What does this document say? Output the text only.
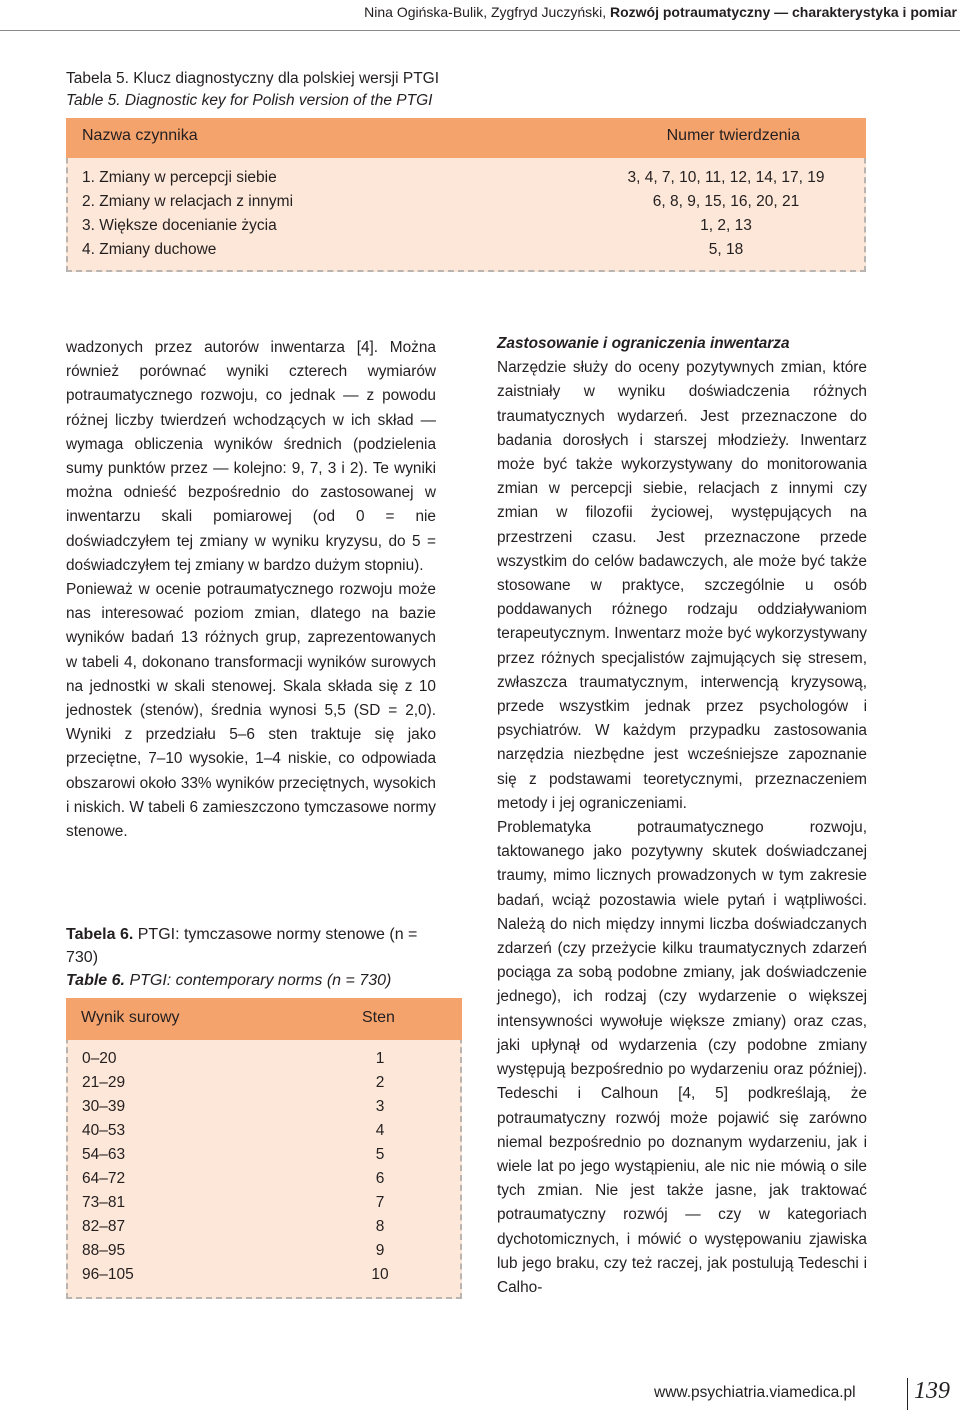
Nina Ogińska-Bulik, Zygfryd Juczyński, Rozwój potraumatyczny — charakterystyka i pomiar
Tabela 5. Klucz diagnostyczny dla polskiej wersji PTGI
Table 5. Diagnostic key for Polish version of the PTGI
Nazwa czynnika	Numer twierdzenia
1. Zmiany w percepcji siebie	3, 4, 7, 10, 11, 12, 14, 17, 19
2. Zmiany w relacjach z innymi	6, 8, 9, 15, 16, 20, 21
3. Większe docenianie życia	1, 2, 13
4. Zmiany duchowe	5, 18

wadzonych przez autorów inwentarza [4]. Można również porównać wyniki czterech wymiarów potraumatycznego rozwoju, co jednak — z powodu różnej liczby twierdzeń wchodzących w ich skład — wymaga obliczenia wyników średnich (podzielenia sumy punktów przez — kolejno: 9, 7, 3 i 2). Te wyniki można odnieść bezpośrednio do zastosowanej w inwentarzu skali pomiarowej (od 0 = nie doświadczyłem tej zmiany w wyniku kryzysu, do 5 = doświadczyłem tej zmiany w bardzo dużym stopniu).

Ponieważ w ocenie potraumatycznego rozwoju może nas interesować poziom zmian, dlatego na bazie wyników badań 13 różnych grup, zaprezentowanych w tabeli 4, dokonano transformacji wyników surowych na jednostki w skali stenowej. Skala składa się z 10 jednostek (stenów), średnia wynosi 5,5 (SD = 2,0). Wyniki z przedziału 5–6 sten traktuje się jako przeciętne, 7–10 wysokie, 1–4 niskie, co odpowiada obszarowi około 33% wyników przeciętnych, wysokich i niskich. W tabeli 6 zamieszczono tymczasowe normy stenowe.

Tabela 6. PTGI: tymczasowe normy stenowe (n = 730)
Table 6. PTGI: contemporary norms (n = 730)
Wynik surowy	Sten
0–20	1
21–29	2
30–39	3
40–53	4
54–63	5
64–72	6
73–81	7
82–87	8
88–95	9
96–105	10

Zastosowanie i ograniczenia inwentarza

Narzędzie służy do oceny pozytywnych zmian, które zaistniały w wyniku doświadczenia różnych traumatycznych wydarzeń. Jest przeznaczone do badania dorosłych i starszej młodzieży. Inwentarz może być także wykorzystywany do monitorowania zmian w percepcji siebie, relacjach z innymi czy zmian w filozofii życiowej, występujących na przestrzeni czasu. Jest przeznaczone przede wszystkim do celów badawczych, ale może być także stosowane w praktyce, szczególnie u osób poddawanych różnego rodzaju oddziaływaniom terapeutycznym. Inwentarz może być wykorzystywany przez różnych specjalistów zajmujących się stresem, zwłaszcza traumatycznym, interwencją kryzysową, przede wszystkim jednak przez psychologów i psychiatrów. W każdym przypadku zastosowania narzędzia niezbędne jest wcześniejsze zapoznanie się z podstawami teoretycznymi, przeznaczeniem metody i jej ograniczeniami.

Problematyka potraumatycznego rozwoju, taktowanego jako pozytywny skutek doświadczanej traumy, mimo licznych prowadzonych w tym zakresie badań, wciąż pozostawia wiele pytań i wątpliwości. Należą do nich między innymi liczba doświadczanych zdarzeń (czy przeżycie kilku traumatycznych zdarzeń pociąga za sobą podobne zmiany, jak doświadczenie jednego), ich rodzaj (czy wydarzenie o większej intensywności wywołuje większe zmiany) oraz czas, jaki upłynął od wydarzenia (czy podobne zmiany występują bezpośrednio po wydarzeniu oraz później). Tedeschi i Calhoun [4, 5] podkreślają, że potraumatyczny rozwój może pojawić się zarówno niemal bezpośrednio po doznanym wydarzeniu, jak i wiele lat po jego wystąpieniu, ale nic nie mówią o sile tych zmian. Nie jest także jasne, jak traktować potraumatyczny rozwój — czy w kategoriach dychotomicznych, i mówić o występowaniu zjawiska lub jego braku, czy też raczej, jak postulują Tedeschi i Calho-

www.psychiatria.viamedica.pl 139
